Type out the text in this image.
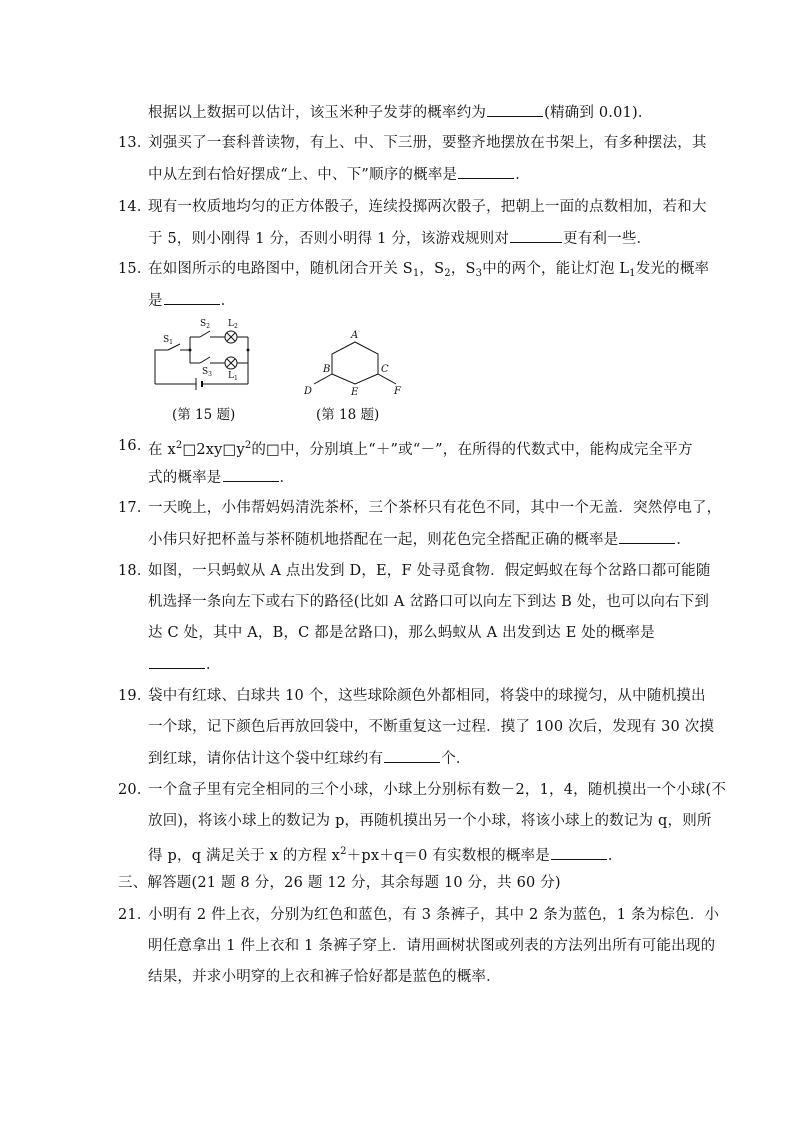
根据以上数据可以估计，该玉米种子发芽的概率约为	(精确到 0.01)．
13．
刘强买了一套科普读物，有上、中、下三册，要整齐地摆放在书架上，有多种摆法，其
中从左到右恰好摆成“上、中、下”顺序的概率是	．
14．
现有一枚质地均匀的正方体骰子，连续投掷两次骰子，把朝上一面的点数相加，若和大
于 5，则小刚得 1 分，否则小明得 1 分，该游戏规则对	更有利一些．
15．
在如图所示的电路图中，随机闭合开关 $S_1$，$S_2$，$S_3$中的两个，能让灯泡 $L_1$发光的概率
是	．
$S_1$
$S_2$
$S_3$
$L_2$
$L_1$
(第 15 题)
A
B	C
D	E	F
(第 18 题)
16．
在 $x^2□2xy□y^2$的□中，分别填上“＋”或“－”，在所得的代数式中，能构成完全平方
式的概率是	．
17．
一天晚上，小伟帮妈妈清洗茶杯，三个茶杯只有花色不同，其中一个无盖．突然停电了，
小伟只好把杯盖与茶杯随机地搭配在一起，则花色完全搭配正确的概率是	．
18．
如图，一只蚂蚁从 A 点出发到 D，E，F 处寻觅食物．假定蚂蚁在每个岔路口都可能随
机选择一条向左下或右下的路径(比如 A 岔路口可以向左下到达 B 处，也可以向右下到
达 C 处，其中 A，B，C 都是岔路口)，那么蚂蚁从 A 出发到达 E 处的概率是
．
19．
袋中有红球、白球共 10 个，这些球除颜色外都相同，将袋中的球搅匀，从中随机摸出
一个球，记下颜色后再放回袋中，不断重复这一过程．摸了 100 次后，发现有 30 次摸
到红球，请你估计这个袋中红球约有	个．
20．
一个盒子里有完全相同的三个小球，小球上分别标有数－2，1，4，随机摸出一个小球(不
放回)，将该小球上的数记为 p，再随机摸出另一个小球，将该小球上的数记为 q，则所
得 p，q 满足关于 x 的方程 $x^2+px+q=0$ 有实数根的概率是	．
三、解答题(21 题 8 分，26 题 12 分，其余每题 10 分，共 60 分)
21．
小明有 2 件上衣，分别为红色和蓝色，有 3 条裤子，其中 2 条为蓝色，1 条为棕色．小
明任意拿出 1 件上衣和 1 条裤子穿上．请用画树状图或列表的方法列出所有可能出现的
结果，并求小明穿的上衣和裤子恰好都是蓝色的概率．
